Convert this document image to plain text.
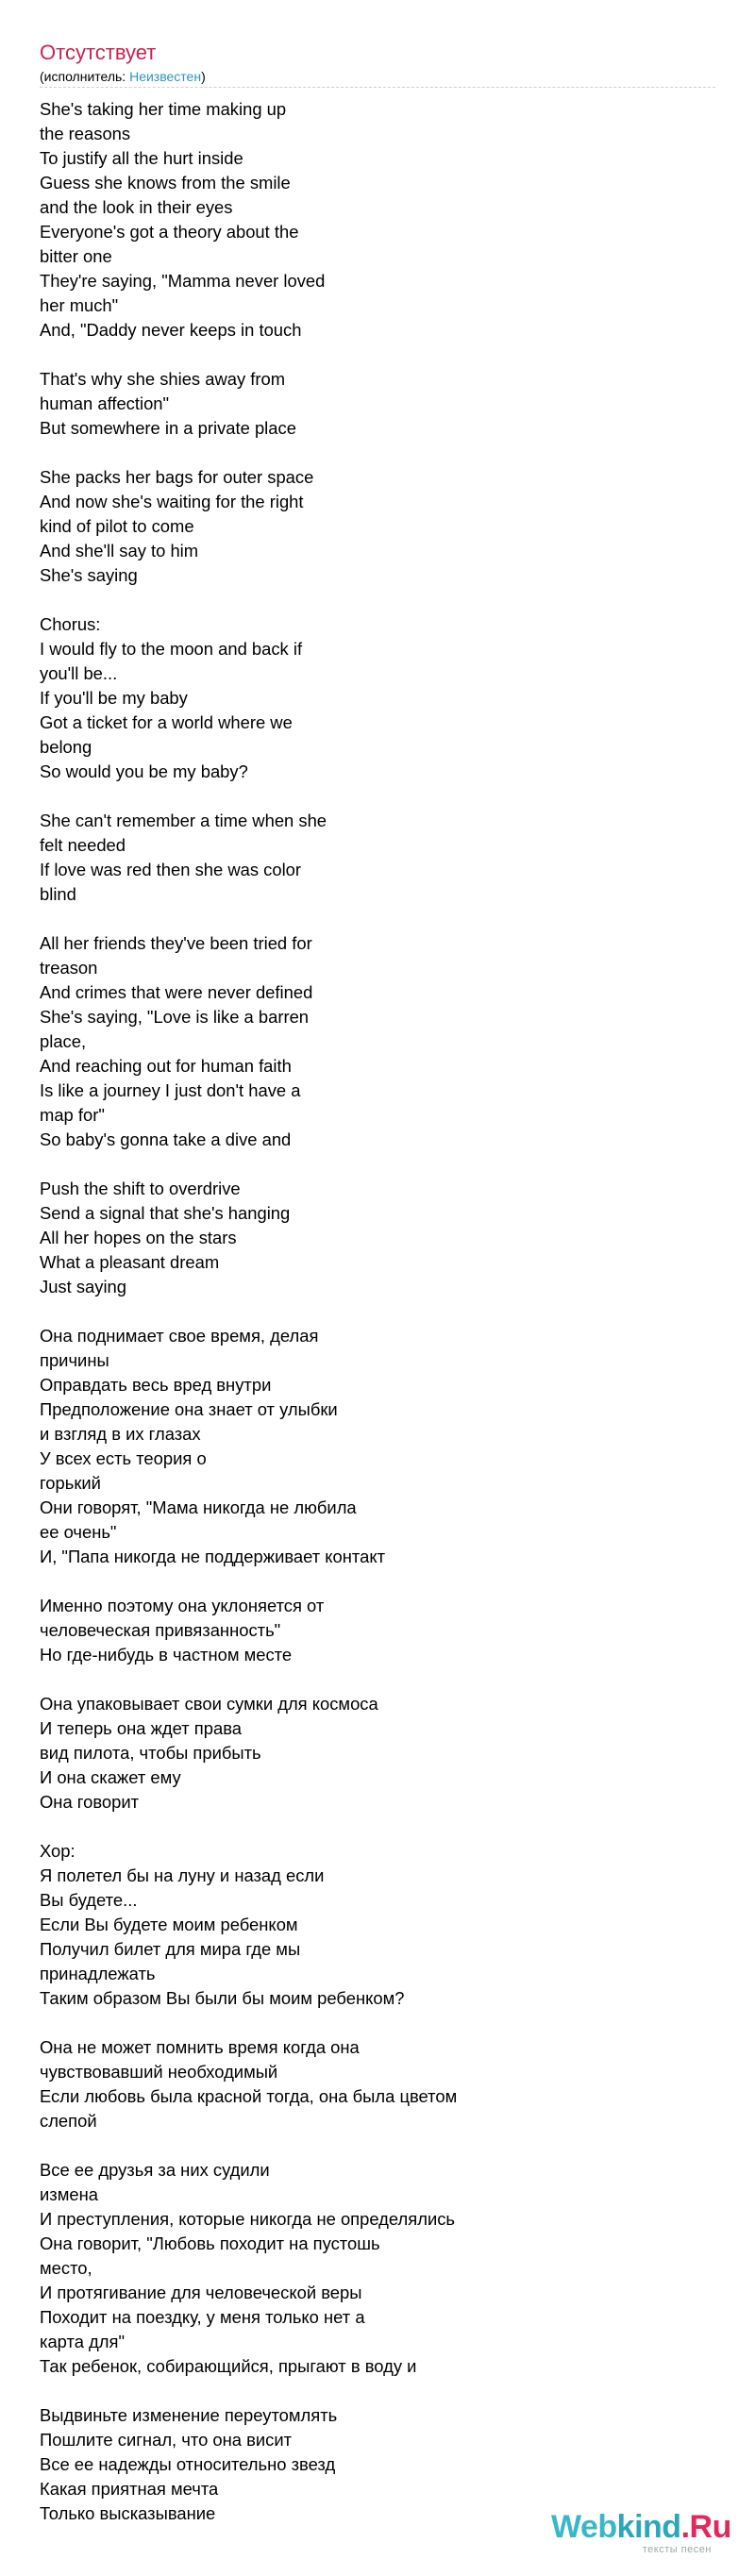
Отсутствует
(исполнитель: Неизвестен)
She's taking her time making up
the reasons
To justify all the hurt inside
Guess she knows from the smile
and the look in their eyes
Everyone's got a theory about the
bitter one
They're saying, "Mamma never loved
her much"
And, "Daddy never keeps in touch

That's why she shies away from
human affection"
But somewhere in a private place

She packs her bags for outer space
And now she's waiting for the right
kind of pilot to come
And she'll say to him
She's saying

Chorus:
I would fly to the moon and back if
you'll be...
If you'll be my baby
Got a ticket for a world where we
belong
So would you be my baby?

She can't remember a time when she
felt needed
If love was red then she was color
blind

All her friends they've been tried for
treason
And crimes that were never defined
She's saying, "Love is like a barren
place,
And reaching out for human faith
Is like a journey I just don't have a
map for"
So baby's gonna take a dive and

Push the shift to overdrive
Send a signal that she's hanging
All her hopes on the stars
What a pleasant dream
Just saying

Она поднимает свое время, делая
причины
Оправдать весь вред внутри
Предположение она знает от улыбки
и взгляд в их глазах
У всех есть теория о
горький
Они говорят, "Мама никогда не любила
ее очень"
И, "Папа никогда не поддерживает контакт

Именно поэтому она уклоняется от
человеческая привязанность"
Но где-нибудь в частном месте

Она упаковывает свои сумки для космоса
И теперь она ждет права
вид пилота, чтобы прибыть
И она скажет ему
Она говорит

Хор:
Я полетел бы на луну и назад если
Вы будете...
Если Вы будете моим ребенком
Получил билет для мира где мы
принадлежать
Таким образом Вы были бы моим ребенком?

Она не может помнить время когда она
чувствовавший необходимый
Если любовь была красной тогда, она была цветом
слепой

Все ее друзья за них судили
измена
И преступления, которые никогда не определялись
Она говорит, "Любовь походит на пустошь
место,
И протягивание для человеческой веры
Походит на поездку, у меня только нет а
карта для"
Так ребенок, собирающийся, прыгают в воду и

Выдвиньте изменение переутомлять
Пошлите сигнал, что она висит
Все ее надежды относительно звезд
Какая приятная мечта
Только высказывание	Webkind.Ru
тексты песен
